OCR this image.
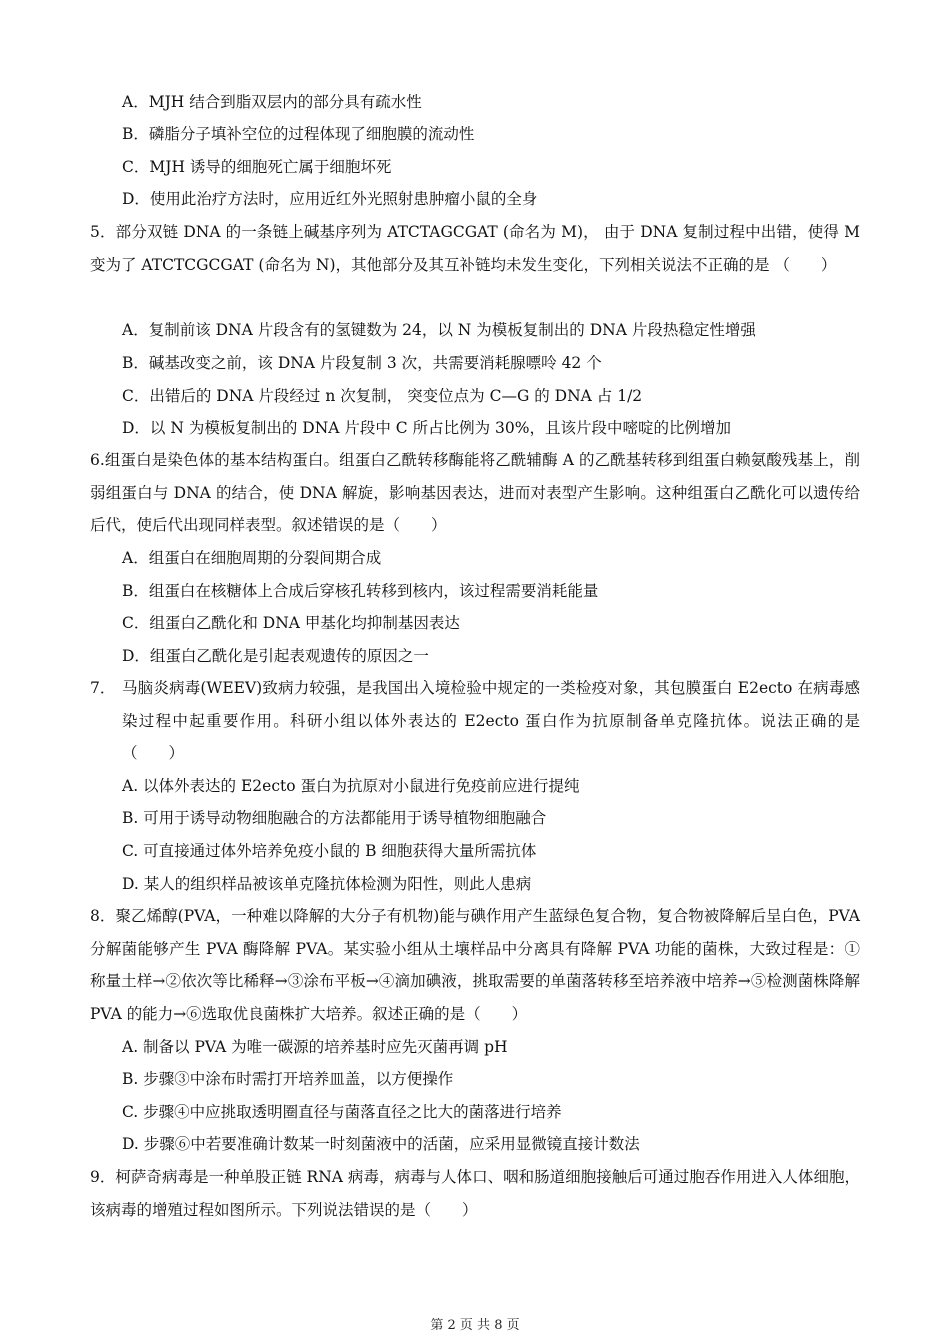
A．MJH 结合到脂双层内的部分具有疏水性
B．磷脂分子填补空位的过程体现了细胞膜的流动性
C．MJH 诱导的细胞死亡属于细胞坏死
D．使用此治疗方法时，应用近红外光照射患肿瘤小鼠的全身
5．部分双链 DNA 的一条链上碱基序列为 ATCTAGCGAT (命名为 M)， 由于 DNA 复制过程中出错，使得 M 变为了 ATCTCGCGAT (命名为 N)，其他部分及其互补链均未发生变化，下列相关说法不正确的是 （　　）
A．复制前该 DNA 片段含有的氢键数为 24，以 N 为模板复制出的 DNA 片段热稳定性增强
B．碱基改变之前，该 DNA 片段复制 3 次，共需要消耗腺嘌呤 42 个
C．出错后的 DNA 片段经过 n 次复制， 突变位点为 C—G 的 DNA 占 1/2
D．以 N 为模板复制出的 DNA 片段中 C 所占比例为 30%，且该片段中嘧啶的比例增加
6.组蛋白是染色体的基本结构蛋白。组蛋白乙酰转移酶能将乙酰辅酶 A 的乙酰基转移到组蛋白赖氨酸残基上，削弱组蛋白与 DNA 的结合，使 DNA 解旋，影响基因表达，进而对表型产生影响。这种组蛋白乙酰化可以遗传给后代，使后代出现同样表型。叙述错误的是（　　）
A．组蛋白在细胞周期的分裂间期合成
B．组蛋白在核糖体上合成后穿核孔转移到核内，该过程需要消耗能量
C．组蛋白乙酰化和 DNA 甲基化均抑制基因表达
D．组蛋白乙酰化是引起表观遗传的原因之一
7． 马脑炎病毒(WEEV)致病力较强，是我国出入境检验中规定的一类检疫对象，其包膜蛋白 E2ecto 在病毒感染过程中起重要作用。科研小组以体外表达的 E2ecto 蛋白作为抗原制备单克隆抗体。说法正确的是（　　）
A. 以体外表达的 E2ecto 蛋白为抗原对小鼠进行免疫前应进行提纯
B. 可用于诱导动物细胞融合的方法都能用于诱导植物细胞融合
C. 可直接通过体外培养免疫小鼠的 B 细胞获得大量所需抗体
D. 某人的组织样品被该单克隆抗体检测为阳性，则此人患病
8．聚乙烯醇(PVA，一种难以降解的大分子有机物)能与碘作用产生蓝绿色复合物，复合物被降解后呈白色，PVA 分解菌能够产生 PVA 酶降解 PVA。某实验小组从土壤样品中分离具有降解 PVA 功能的菌株，大致过程是：①称量土样→②依次等比稀释→③涂布平板→④滴加碘液，挑取需要的单菌落转移至培养液中培养→⑤检测菌株降解 PVA 的能力→⑥选取优良菌株扩大培养。叙述正确的是（　　）
A. 制备以 PVA 为唯一碳源的培养基时应先灭菌再调 pH
B. 步骤③中涂布时需打开培养皿盖，以方便操作
C. 步骤④中应挑取透明圈直径与菌落直径之比大的菌落进行培养
D. 步骤⑥中若要准确计数某一时刻菌液中的活菌，应采用显微镜直接计数法
9．柯萨奇病毒是一种单股正链 RNA 病毒，病毒与人体口、咽和肠道细胞接触后可通过胞吞作用进入人体细胞，该病毒的增殖过程如图所示。下列说法错误的是（　　）
第 2 页 共 8 页
